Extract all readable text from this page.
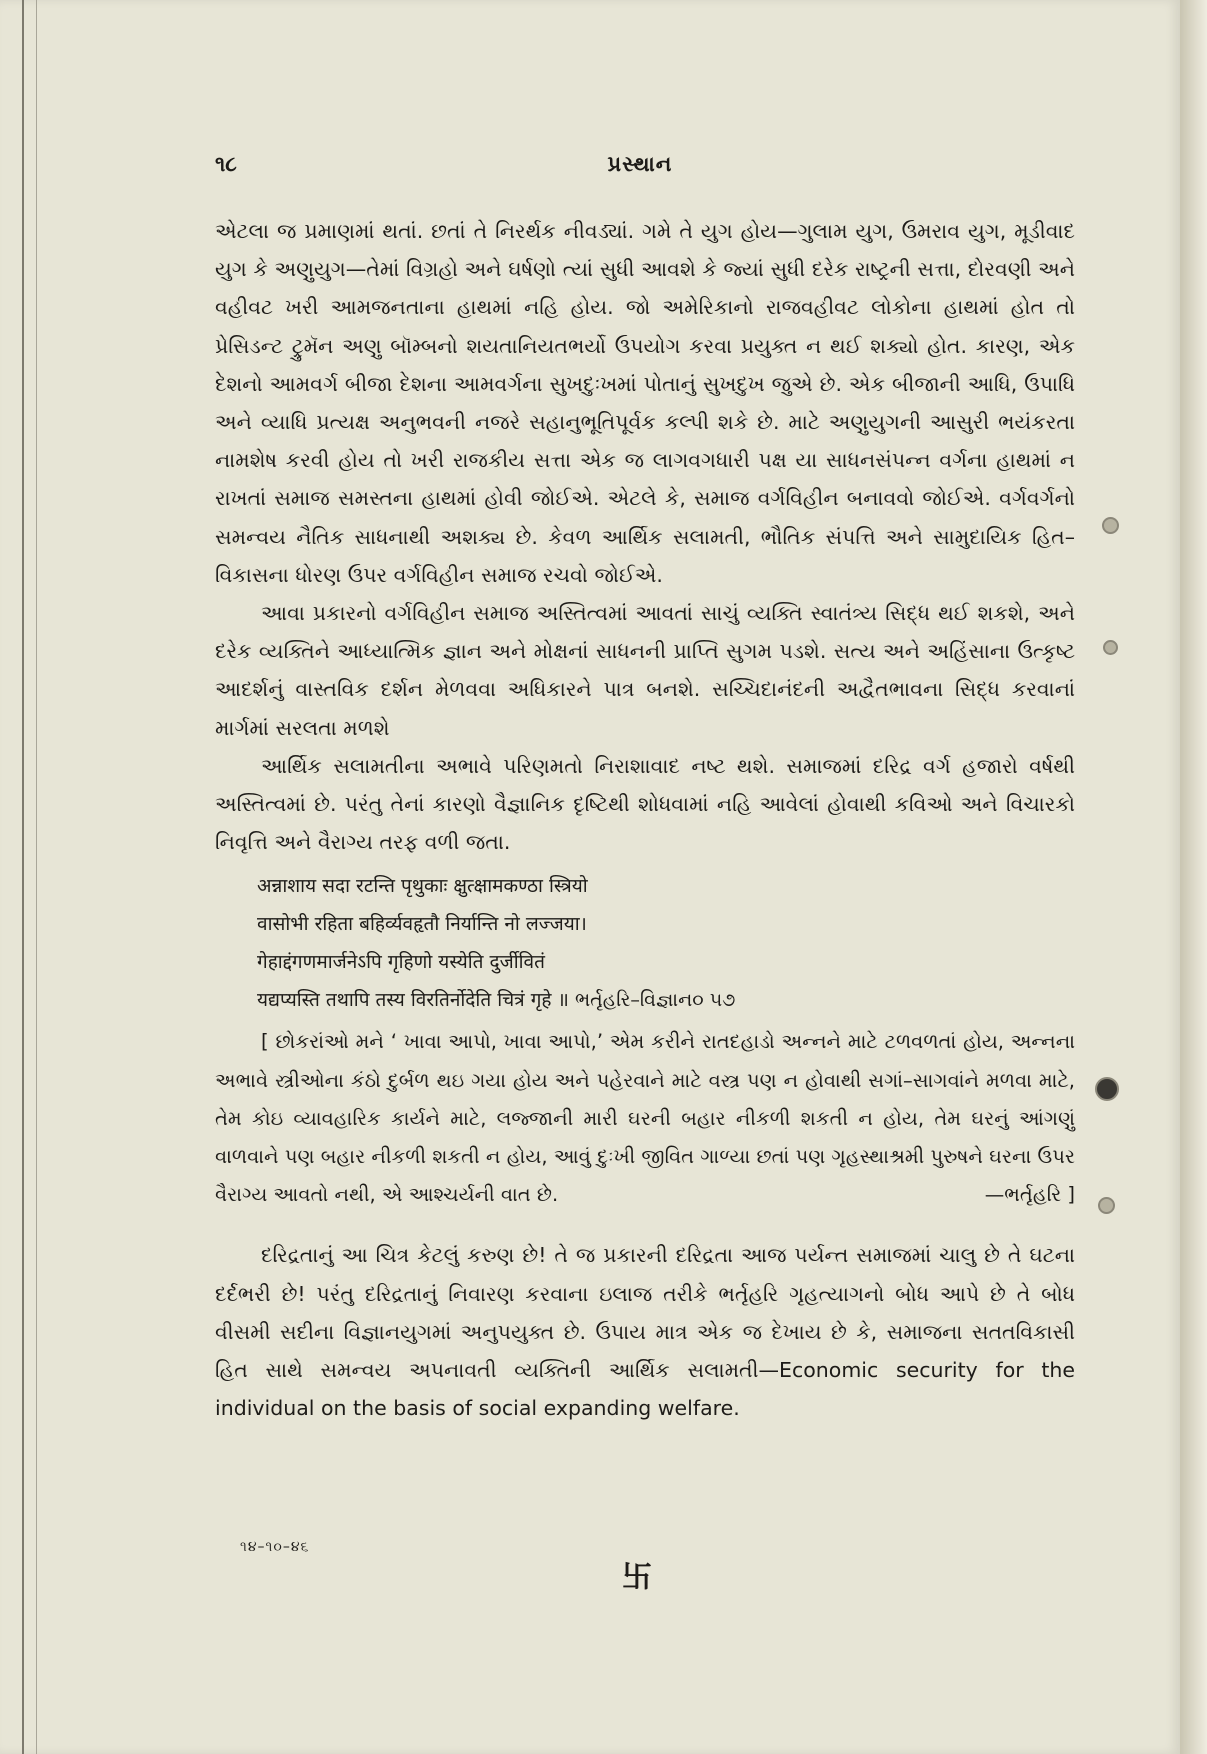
૧૮	પ્રસ્થાન

એટલા જ પ્રમાણમાં થતાં. છતાં તે નિરર્થક નીવડ્યાં. ગમે તે યુગ હોય—ગુલામ યુગ, ઉમરાવ યુગ, મૂડીવાદ યુગ કે અણુયુગ—તેમાં વિગ્રહો અને ઘર્ષણો ત્યાં સુધી આવશે કે જ્યાં સુધી દરેક રાષ્ટ્રની સત્તા, દોરવણી અને વહીવટ ખરી આમજનતાના હાથમાં નહિ હોય. જો અમેરિકાનો રાજવહીવટ લોકોના હાથમાં હોત તો પ્રેસિડન્ટ ટ્રુમૅન અણુ બૉમ્બનો શયતાનિયતભર્યો ઉપયોગ કરવા પ્રયુક્ત ન થઈ શક્યો હોત. કારણ, એક દેશનો આમવર્ગ બીજા દેશના આમવર્ગના સુખદુઃખમાં પોતાનું સુખદુખ જુએ છે. એક બીજાની આધિ, ઉપાધિ અને વ્યાધિ પ્રત્યક્ષ અનુભવની નજરે સહાનુભૂતિપૂર્વક કલ્પી શકે છે. માટે અણુયુગની આસુરી ભયંકરતા નામશેષ કરવી હોય તો ખરી રાજકીય સત્તા એક જ લાગવગધારી પક્ષ યા સાધનસંપન્ન વર્ગના હાથમાં ન રાખતાં સમાજ સમસ્તના હાથમાં હોવી જોઈએ. એટલે કે, સમાજ વર્ગવિહીન બનાવવો જોઈએ. વર્ગવર્ગનો સમન્વય નૈતિક સાધનાથી અશક્ય છે. કેવળ આર્થિક સલામતી, ભૌતિક સંપત્તિ અને સામુદાયિક હિત–વિકાસના ધોરણ ઉપર વર્ગવિહીન સમાજ રચવો જોઈએ.

આવા પ્રકારનો વર્ગવિહીન સમાજ અસ્તિત્વમાં આવતાં સાચું વ્યક્તિ સ્વાતંત્ર્ય સિદ્ધ થઈ શકશે, અને દરેક વ્યક્તિને આધ્યાત્મિક જ્ઞાન અને મોક્ષનાં સાધનની પ્રાપ્તિ સુગમ પડશે. સત્ય અને અહિંસાના ઉત્કૃષ્ટ આદર્શનું વાસ્તવિક દર્શન મેળવવા અધિકારને પાત્ર બનશે. સચ્ચિદાનંદની અદ્વૈતભાવના સિદ્ધ કરવાનાં માર્ગમાં સરલતા મળશે

આર્થિક સલામતીના અભાવે પરિણમતો નિરાશાવાદ નષ્ટ થશે. સમાજમાં દરિદ્ર વર્ગ હજારો વર્ષથી અસ્તિત્વમાં છે. પરંતુ તેનાં કારણો વૈજ્ઞાનિક દૃષ્ટિથી શોધવામાં નહિ આવેલાં હોવાથી કવિઓ અને વિચારકો નિવૃત્તિ અને વૈરાગ્ય તરફ વળી જતા.

अन्नाशाय सदा रटन्ति पृथुकाः क्षुत्क्षामकण्ठा स्त्रियो
वासोभी रहिता बहिर्व्यवहृतौ निर्यान्ति नो लज्जया।
गेहाद्दंगणमार्जनेऽपि गृहिणो यस्येति दुर्जीवितं
यद्यप्यस्ति तथापि तस्य विरतिर्नोदेति चित्रं गृहे ॥ ભર્તૃહરિ–વિજ્ઞાન૦ ૫૭

[ છોકરાંઓ મને ‘ ખાવા આપો, ખાવા આપો,’ એમ કરીને રાતદહાડો અન્નને માટે ટળવળતાં હોય, અન્નના અભાવે સ્ત્રીઓના કંઠો દુર્બળ થઇ ગયા હોય અને પહેરવાને માટે વસ્ત્ર પણ ન હોવાથી સગાં–સાગવાંને મળવા માટે, તેમ કોઇ વ્યાવહારિક કાર્યને માટે, લજ્જાની મારી ઘરની બહાર નીકળી શકતી ન હોય, તેમ ઘરનું આંગણું વાળવાને પણ બહાર નીકળી શકતી ન હોય, આવું દુઃખી જીવિત ગાળ્યા છતાં પણ ગૃહસ્થાશ્રમી પુરુષને ઘરના ઉપર વૈરાગ્ય આવતો નથી, એ આશ્ચર્યની વાત છે.	—ભર્તૃહરિ ]

દરિદ્રતાનું આ ચિત્ર કેટલું કરુણ છે! તે જ પ્રકારની દરિદ્રતા આજ પર્યન્ત સમાજમાં ચાલુ છે તે ઘટના દર્દભરી છે! પરંતુ દરિદ્રતાનું નિવારણ કરવાના ઇલાજ તરીકે ભર્તૃહરિ ગૃહત્યાગનો બોધ આપે છે તે બોધ વીસમી સદીના વિજ્ઞાનયુગમાં અનુપયુક્ત છે. ઉપાય માત્ર એક જ દેખાય છે કે, સમાજના સતતવિકાસી હિત સાથે સમન્વય અપનાવતી વ્યક્તિની આર્થિક સલામતી—Economic security for the individual on the basis of social expanding welfare.

૧૪–૧૦–૪૬
卐
